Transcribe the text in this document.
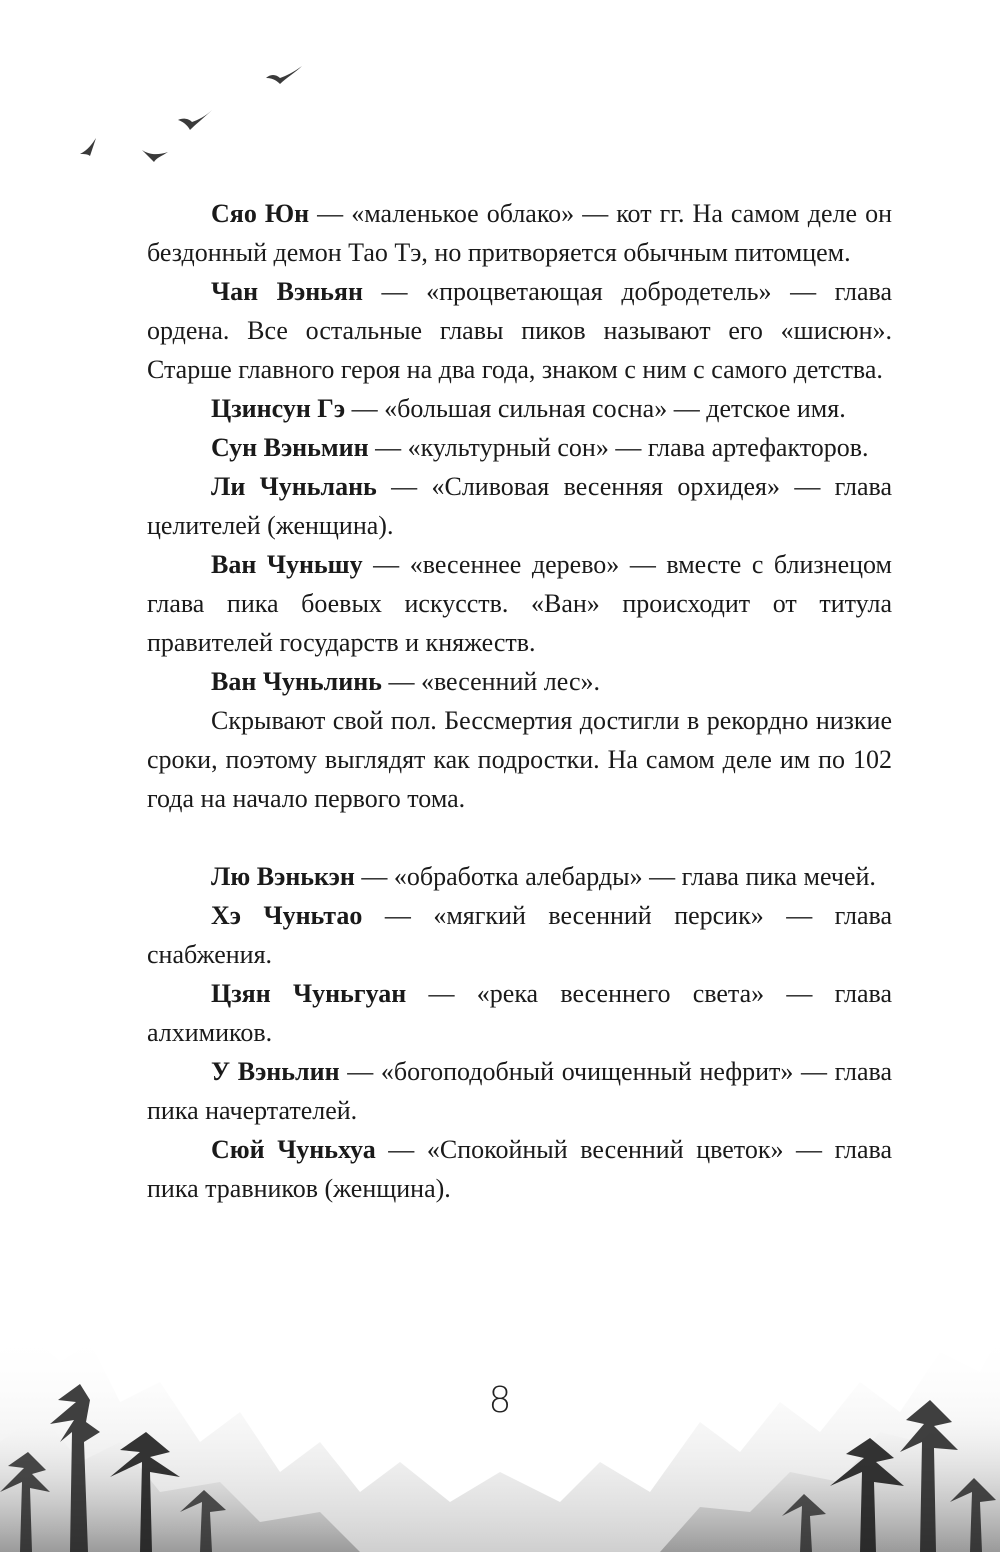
Сяо Юн — «маленькое облако» — кот гг. На самом деле он бездонный демон Тао Тэ, но притворяется обычным питомцем.

Чан Вэньян — «процветающая добродетель» — глава ордена. Все остальные главы пиков называют его «шисюн». Старше главного героя на два года, знаком с ним с самого детства.

Цзинсун Гэ — «большая сильная сосна» — детское имя.

Сун Вэньмин — «культурный сон» — глава артефакторов.

Ли Чуньлань — «Сливовая весенняя орхидея» — глава целителей (женщина).

Ван Чуньшу — «весеннее дерево» — вместе с близнецом глава пика боевых искусств. «Ван» происходит от титула правителей государств и княжеств.

Ван Чуньлинь — «весенний лес».

Скрывают свой пол. Бессмертия достигли в рекордно низкие сроки, поэтому выглядят как подростки. На самом деле им по 102 года на начало первого тома.

Лю Вэнькэн — «обработка алебарды» — глава пика мечей.

Хэ Чуньтао — «мягкий весенний персик» — глава снабжения.

Цзян Чуньгуан — «река весеннего света» — глава алхимиков.

У Вэньлин — «богоподобный очищенный нефрит» — глава пика начертателей.

Сюй Чуньхуа — «Спокойный весенний цветок» — глава пика травников (женщина).

8
